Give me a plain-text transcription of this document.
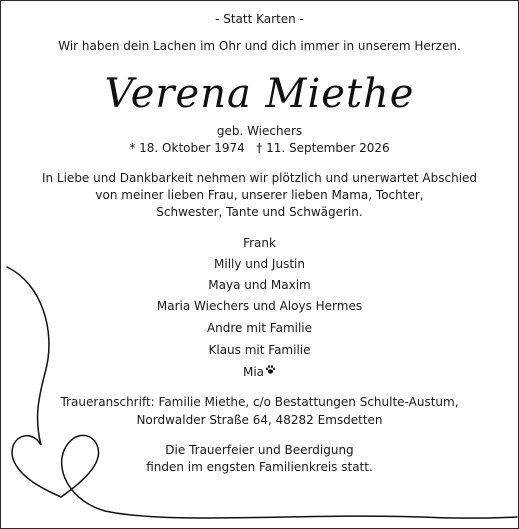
- Statt Karten -
Wir haben dein Lachen im Ohr und dich immer in unserem Herzen.
Verena Miethe
geb. Wiechers
* 18. Oktober 1974 † 11. September 2026
In Liebe und Dankbarkeit nehmen wir plötzlich und unerwartet Abschied
von meiner lieben Frau, unserer lieben Mama, Tochter,
Schwester, Tante und Schwägerin.
Frank
Milly und Justin
Maya und Maxim
Maria Wiechers und Aloys Hermes
Andre mit Familie
Klaus mit Familie
Mia
Traueranschrift: Familie Miethe, c/o Bestattungen Schulte-Austum,
Nordwalder Straße 64, 48282 Emsdetten
Die Trauerfeier und Beerdigung
finden im engsten Familienkreis statt.
